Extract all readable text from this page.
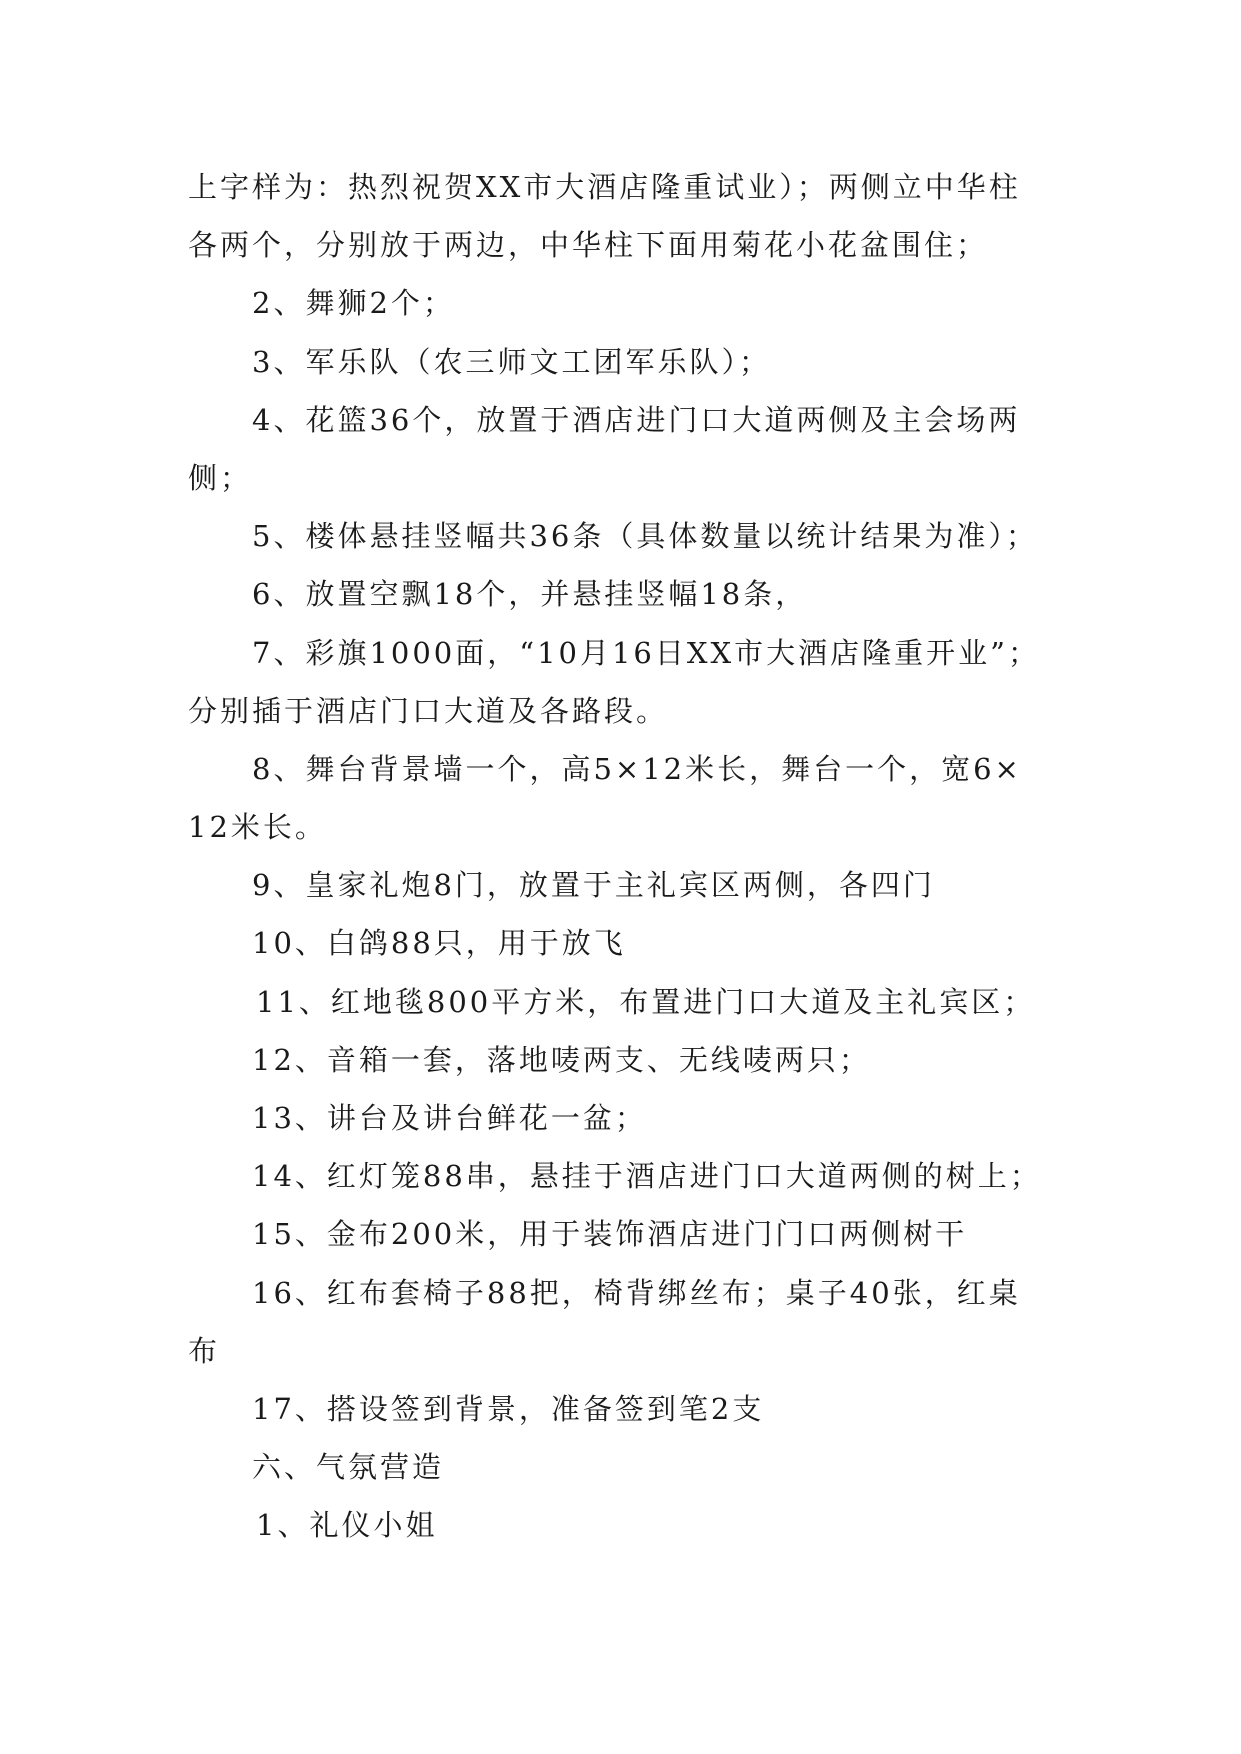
上字样为：热烈祝贺XX市大酒店隆重试业）；两侧立中华柱
各两个，分别放于两边，中华柱下面用菊花小花盆围住；
2、舞狮2个；
3、军乐队（农三师文工团军乐队）；
4、花篮36个，放置于酒店进门口大道两侧及主会场两
侧；
5、楼体悬挂竖幅共36条（具体数量以统计结果为准）；
6、放置空飘18个，并悬挂竖幅18条，
7、彩旗1000面，“10月16日XX市大酒店隆重开业”；
分别插于酒店门口大道及各路段。
8、舞台背景墙一个，高5×12米长，舞台一个，宽6×
12米长。
9、皇家礼炮8门，放置于主礼宾区两侧，各四门
10、白鸽88只，用于放飞
11、红地毯800平方米，布置进门口大道及主礼宾区；
12、音箱一套，落地唛两支、无线唛两只；
13、讲台及讲台鲜花一盆；
14、红灯笼88串，悬挂于酒店进门口大道两侧的树上；
15、金布200米，用于装饰酒店进门门口两侧树干
16、红布套椅子88把，椅背绑丝布；桌子40张，红桌
布
17、搭设签到背景，准备签到笔2支
六、气氛营造
1、礼仪小姐
